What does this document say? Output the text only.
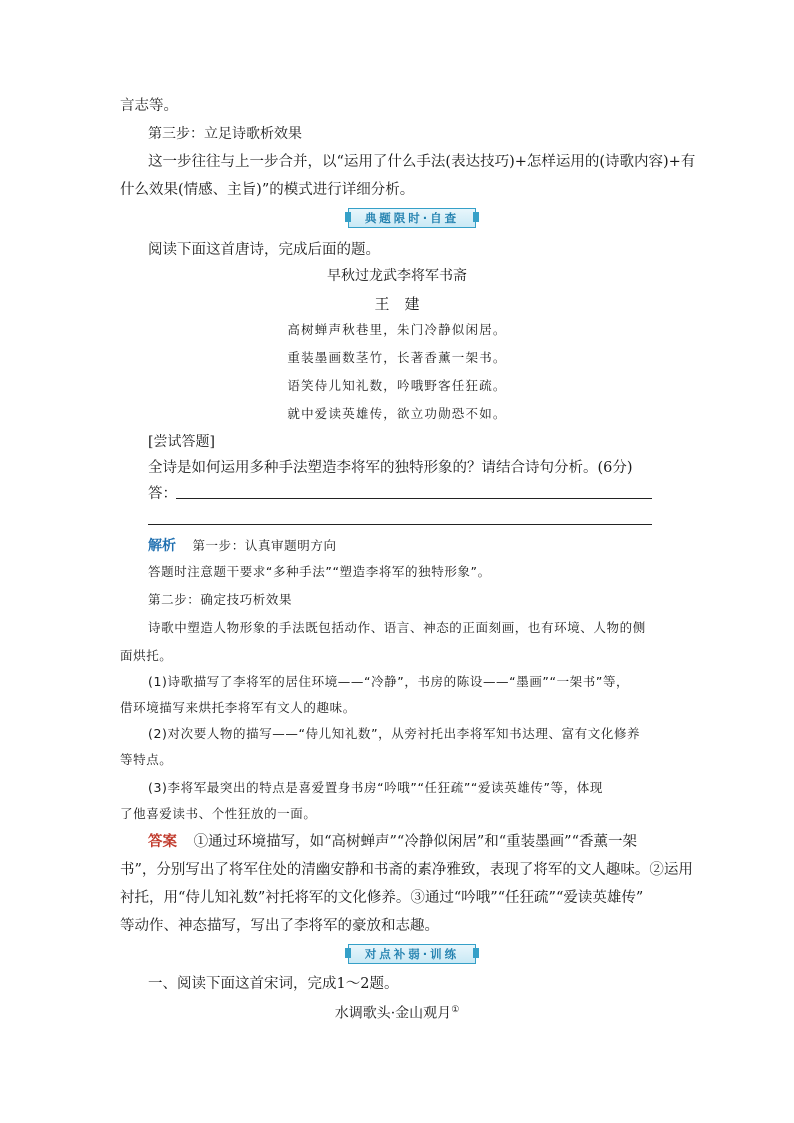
言志等。
第三步：立足诗歌析效果
这一步往往与上一步合并，以“运用了什么手法(表达技巧)+怎样运用的(诗歌内容)+有
什么效果(情感、主旨)”的模式进行详细分析。
典题限时·自查
阅读下面这首唐诗，完成后面的题。
早秋过龙武李将军书斋
王　建
高树蝉声秋巷里，朱门冷静似闲居。
重装墨画数茎竹，长著香薰一架书。
语笑侍儿知礼数，吟哦野客任狂疏。
就中爱读英雄传，欲立功勋恐不如。
[尝试答题]
全诗是如何运用多种手法塑造李将军的独特形象的？请结合诗句分析。(6分)
答：
解析 第一步：认真审题明方向
答题时注意题干要求“多种手法”“塑造李将军的独特形象”。
第二步：确定技巧析效果
诗歌中塑造人物形象的手法既包括动作、语言、神态的正面刻画，也有环境、人物的侧
面烘托。
(1)诗歌描写了李将军的居住环境——“冷静”，书房的陈设——“墨画”“一架书”等，
借环境描写来烘托李将军有文人的趣味。
(2)对次要人物的描写——“侍儿知礼数”，从旁衬托出李将军知书达理、富有文化修养
等特点。
(3)李将军最突出的特点是喜爱置身书房“吟哦”“任狂疏”“爱读英雄传”等，体现
了他喜爱读书、个性狂放的一面。
答案 ①通过环境描写，如“高树蝉声”“冷静似闲居”和“重装墨画”“香薰一架
书”，分别写出了将军住处的清幽安静和书斋的素净雅致，表现了将军的文人趣味。②运用
衬托，用“侍儿知礼数”衬托将军的文化修养。③通过“吟哦”“任狂疏”“爱读英雄传”
等动作、神态描写，写出了李将军的豪放和志趣。
对点补弱·训练
一、阅读下面这首宋词，完成1～2题。
水调歌头·金山观月①
